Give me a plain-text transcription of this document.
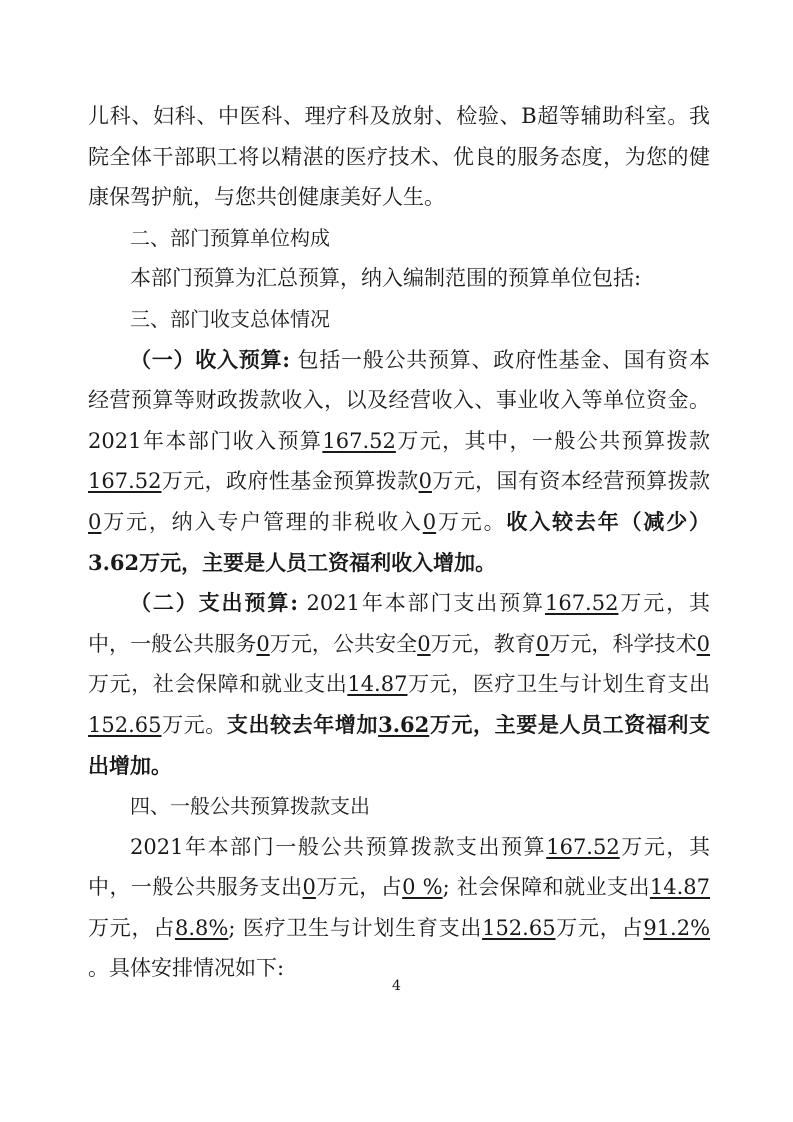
儿科、妇科、中医科、理疗科及放射、检验、B超等辅助科室。我院全体干部职工将以精湛的医疗技术、优良的服务态度，为您的健康保驾护航，与您共创健康美好人生。

二、部门预算单位构成

本部门预算为汇总预算，纳入编制范围的预算单位包括:

三、部门收支总体情况

（一）收入预算: 包括一般公共预算、政府性基金、国有资本经营预算等财政拨款收入，以及经营收入、事业收入等单位资金。2021年本部门收入预算167.52万元，其中，一般公共预算拨款167.52万元，政府性基金预算拨款0万元，国有资本经营预算拨款0万元，纳入专户管理的非税收入0万元。收入较去年（减少）3.62万元，主要是人员工资福利收入增加。

（二）支出预算: 2021年本部门支出预算167.52万元，其中，一般公共服务0万元，公共安全0万元，教育0万元，科学技术0万元，社会保障和就业支出14.87万元，医疗卫生与计划生育支出152.65万元。支出较去年增加3.62万元，主要是人员工资福利支出增加。

四、一般公共预算拨款支出

2021年本部门一般公共预算拨款支出预算167.52万元，其中，一般公共服务支出0万元，占0 %; 社会保障和就业支出14.87万元，占8.8%; 医疗卫生与计划生育支出152.65万元，占91.2% 。具体安排情况如下:

4
